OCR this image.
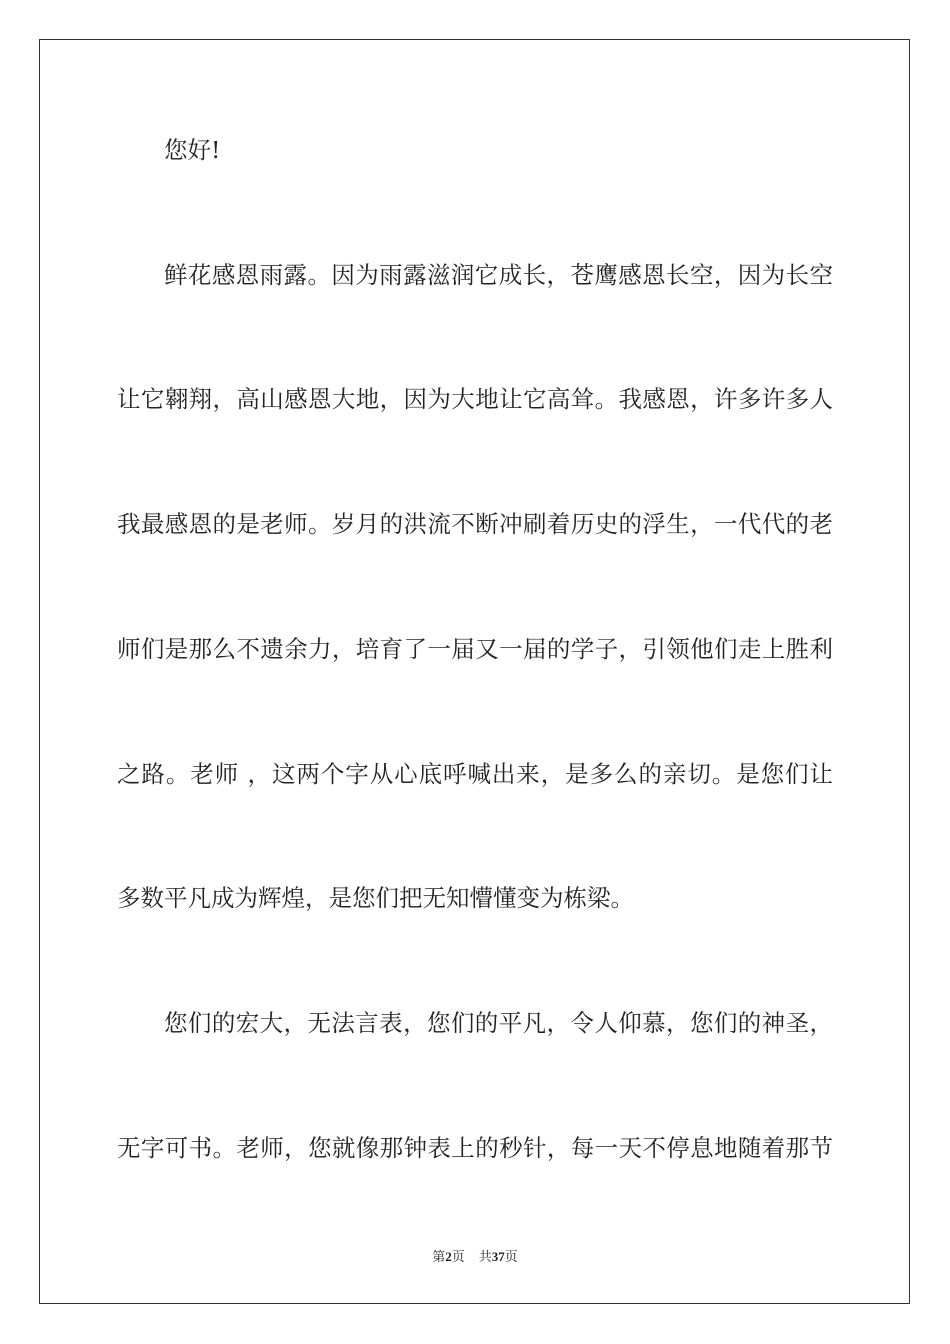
您好!

鲜花感恩雨露。因为雨露滋润它成长，苍鹰感恩长空，因为长空

让它翱翔，高山感恩大地，因为大地让它高耸。我感恩，许多许多人

我最感恩的是老师。岁月的洪流不断冲刷着历史的浮生，一代代的老

师们是那么不遗余力，培育了一届又一届的学子，引领他们走上胜利

之路。老师 ，这两个字从心底呼喊出来，是多么的亲切。是您们让

多数平凡成为辉煌，是您们把无知懵懂变为栋梁。

您们的宏大，无法言表，您们的平凡，令人仰慕，您们的神圣，

无字可书。老师，您就像那钟表上的秒针，每一天不停息地随着那节

第2页 共37页
